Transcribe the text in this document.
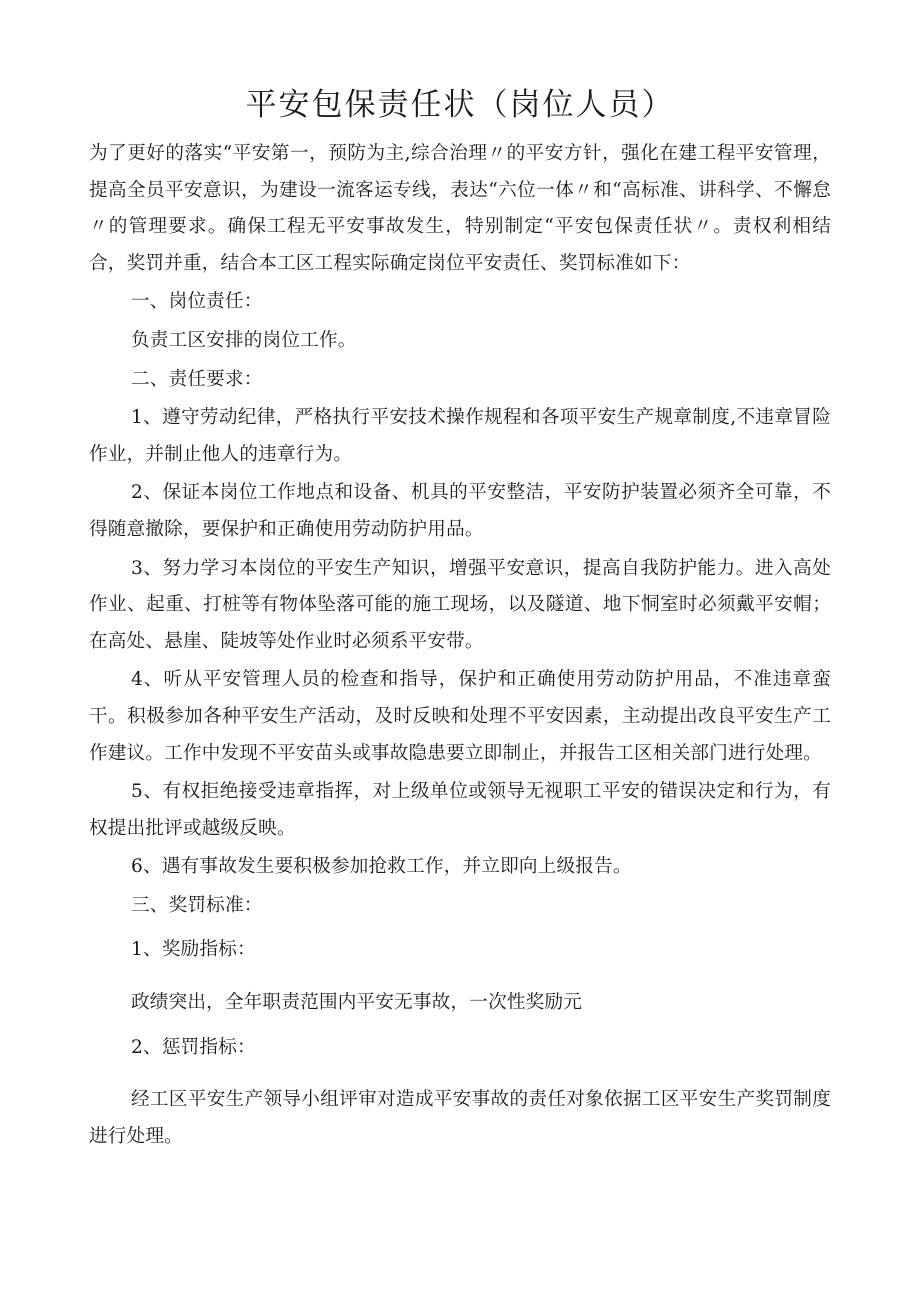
平安包保责任状（岗位人员）

为了更好的落实“平安第一，预防为主,综合治理〃的平安方针，强化在建工程平安管理，提高全员平安意识，为建设一流客运专线，表达“六位一体〃和“高标准、讲科学、不懈怠〃的管理要求。确保工程无平安事故发生，特别制定“平安包保责任状〃。责权利相结合，奖罚并重，结合本工区工程实际确定岗位平安责任、奖罚标准如下：

一、岗位责任：

负责工区安排的岗位工作。

二、责任要求：

1、遵守劳动纪律，严格执行平安技术操作规程和各项平安生产规章制度,不违章冒险作业，并制止他人的违章行为。

2、保证本岗位工作地点和设备、机具的平安整洁，平安防护装置必须齐全可靠，不得随意撤除，要保护和正确使用劳动防护用品。

3、努力学习本岗位的平安生产知识，增强平安意识，提高自我防护能力。进入高处作业、起重、打桩等有物体坠落可能的施工现场，以及隧道、地下恫室时必须戴平安帽；在高处、悬崖、陡坡等处作业时必须系平安带。

4、听从平安管理人员的检查和指导，保护和正确使用劳动防护用品，不准违章蛮干。积极参加各种平安生产活动，及时反映和处理不平安因素，主动提出改良平安生产工作建议。工作中发现不平安苗头或事故隐患要立即制止，并报告工区相关部门进行处理。

5、有权拒绝接受违章指挥，对上级单位或领导无视职工平安的错误决定和行为，有权提出批评或越级反映。

6、遇有事故发生要积极参加抢救工作，并立即向上级报告。

三、奖罚标准：

1、奖励指标：

政绩突出，全年职责范围内平安无事故，一次性奖励元

2、惩罚指标：

经工区平安生产领导小组评审对造成平安事故的责任对象依据工区平安生产奖罚制度进行处理。
